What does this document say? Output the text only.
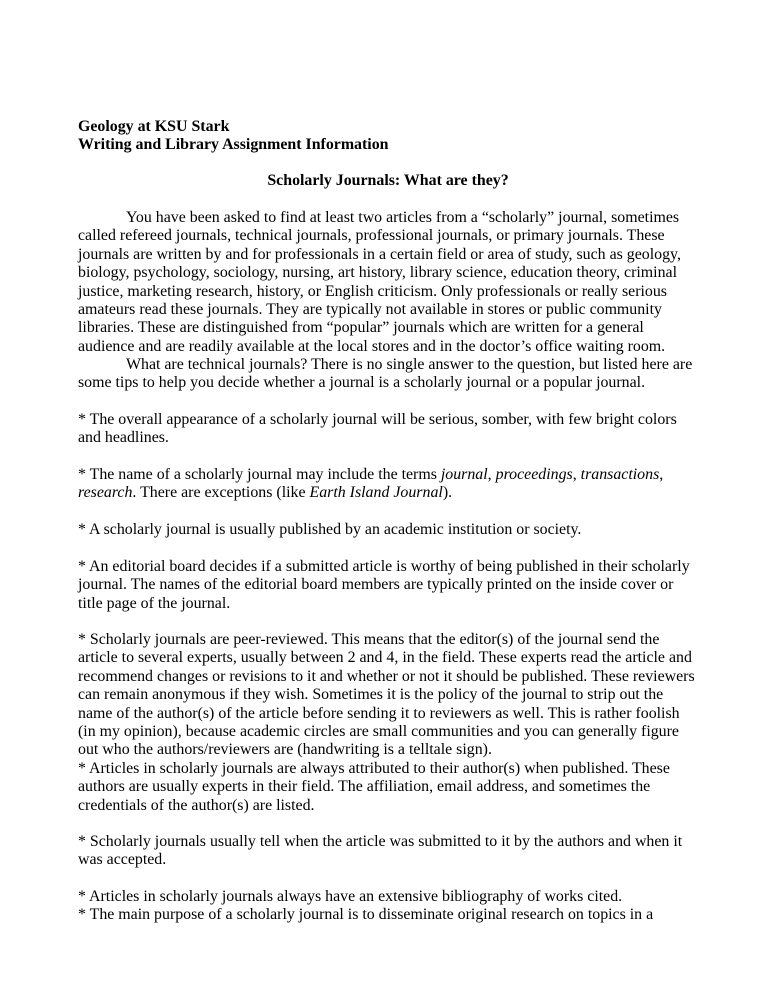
Geology at KSU Stark

Writing and Library Assignment Information

Scholarly Journals: What are they?

You have been asked to find at least two articles from a “scholarly” journal, sometimes called refereed journals, technical journals, professional journals, or primary journals. These journals are written by and for professionals in a certain field or area of study, such as geology, biology, psychology, sociology, nursing, art history, library science, education theory, criminal justice, marketing research, history, or English criticism. Only professionals or really serious amateurs read these journals. They are typically not available in stores or public community libraries. These are distinguished from “popular” journals which are written for a general audience and are readily available at the local stores and in the doctor’s office waiting room.

What are technical journals? There is no single answer to the question, but listed here are some tips to help you decide whether a journal is a scholarly journal or a popular journal.

* The overall appearance of a scholarly journal will be serious, somber, with few bright colors and headlines.

* The name of a scholarly journal may include the terms journal, proceedings, transactions, research. There are exceptions (like Earth Island Journal).

* A scholarly journal is usually published by an academic institution or society.

* An editorial board decides if a submitted article is worthy of being published in their scholarly journal. The names of the editorial board members are typically printed on the inside cover or title page of the journal.

* Scholarly journals are peer-reviewed. This means that the editor(s) of the journal send the article to several experts, usually between 2 and 4, in the field. These experts read the article and recommend changes or revisions to it and whether or not it should be published. These reviewers can remain anonymous if they wish. Sometimes it is the policy of the journal to strip out the name of the author(s) of the article before sending it to reviewers as well. This is rather foolish (in my opinion), because academic circles are small communities and you can generally figure out who the authors/reviewers are (handwriting is a telltale sign).

* Articles in scholarly journals are always attributed to their author(s) when published. These authors are usually experts in their field. The affiliation, email address, and sometimes the credentials of the author(s) are listed.

* Scholarly journals usually tell when the article was submitted to it by the authors and when it was accepted.

* Articles in scholarly journals always have an extensive bibliography of works cited.

* The main purpose of a scholarly journal is to disseminate original research on topics in a
